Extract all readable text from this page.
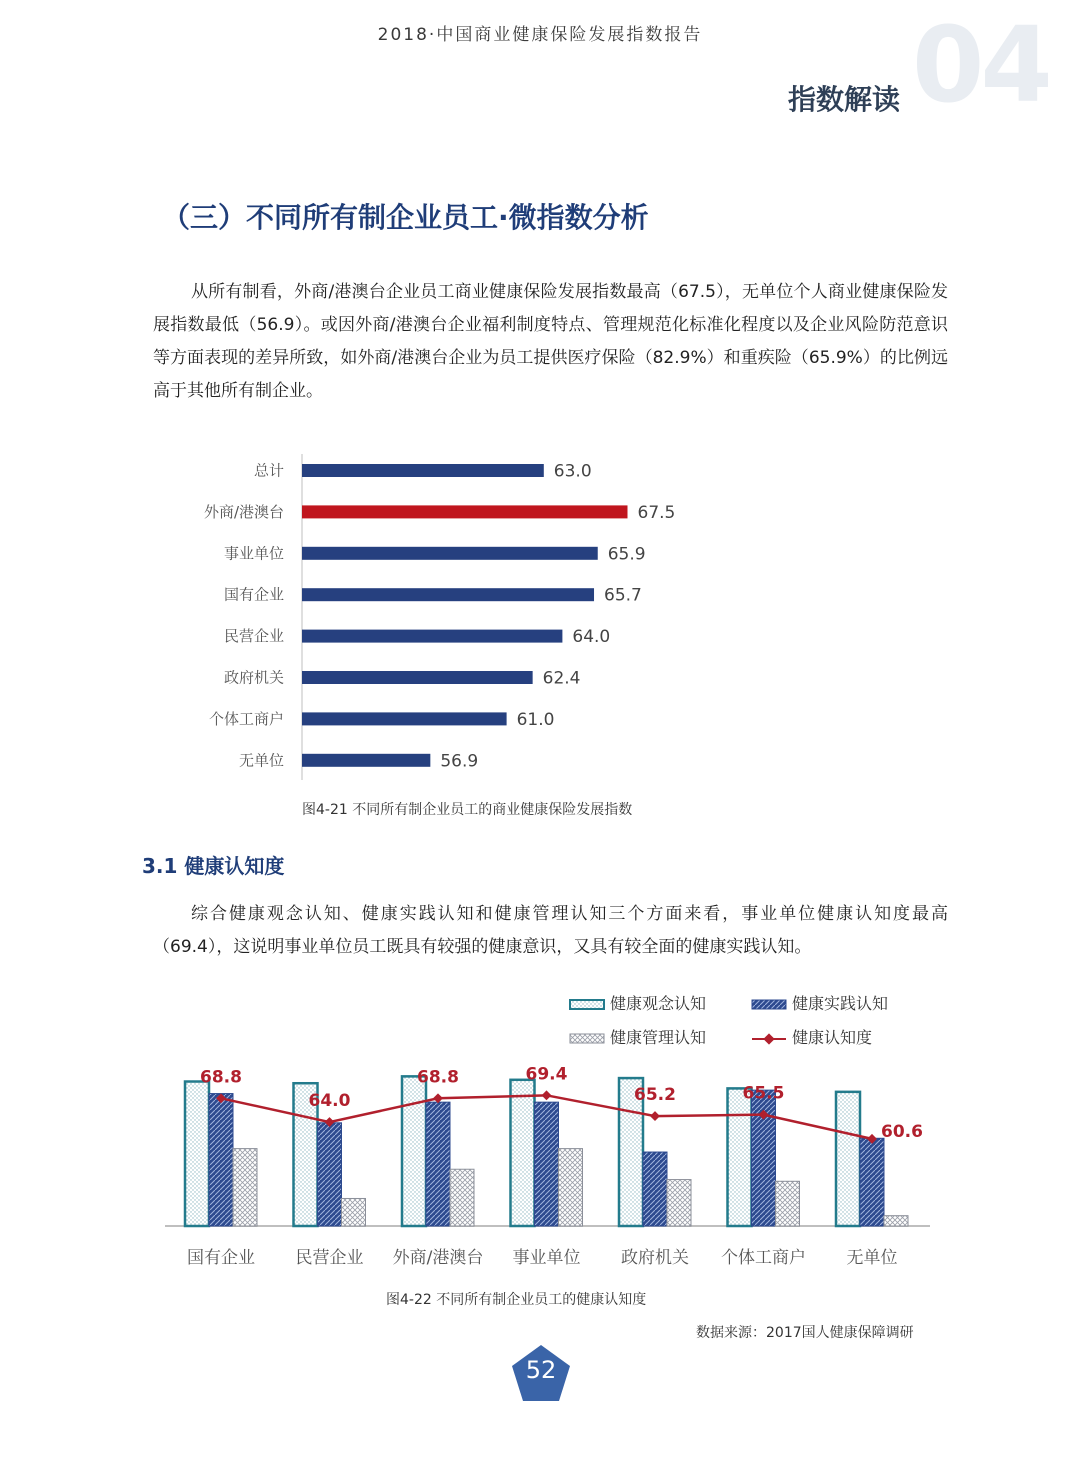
2018·中国商业健康保险发展指数报告	04
指数解读
（三）不同所有制企业员工·微指数分析
从所有制看，外商/港澳台企业员工商业健康保险发展指数最高（67.5），无单位个人商业健康保险发展指数最低（56.9）。或因外商/港澳台企业福利制度特点、管理规范化标准化程度以及企业风险防范意识等方面表现的差异所致，如外商/港澳台企业为员工提供医疗保险（82.9%）和重疾险（65.9%）的比例远高于其他所有制企业。
总计	63.0
外商/港澳台	67.5
事业单位	65.9
国有企业	65.7
民营企业	64.0
政府机关	62.4
个体工商户	61.0
无单位	56.9
图4-21 不同所有制企业员工的商业健康保险发展指数
3.1 健康认知度
综合健康观念认知、健康实践认知和健康管理认知三个方面来看，事业单位健康认知度最高（69.4），这说明事业单位员工既具有较强的健康意识，又具有较全面的健康实践认知。
健康观念认知	健康实践认知
健康管理认知	健康认知度
国有企业 民营企业 外商/港澳台 事业单位 政府机关 个体工商户 无单位
68.8
64.0
68.8	69.4
65.2	65.5
60.6
图4-22 不同所有制企业员工的健康认知度
数据来源：2017国人健康保障调研
52
